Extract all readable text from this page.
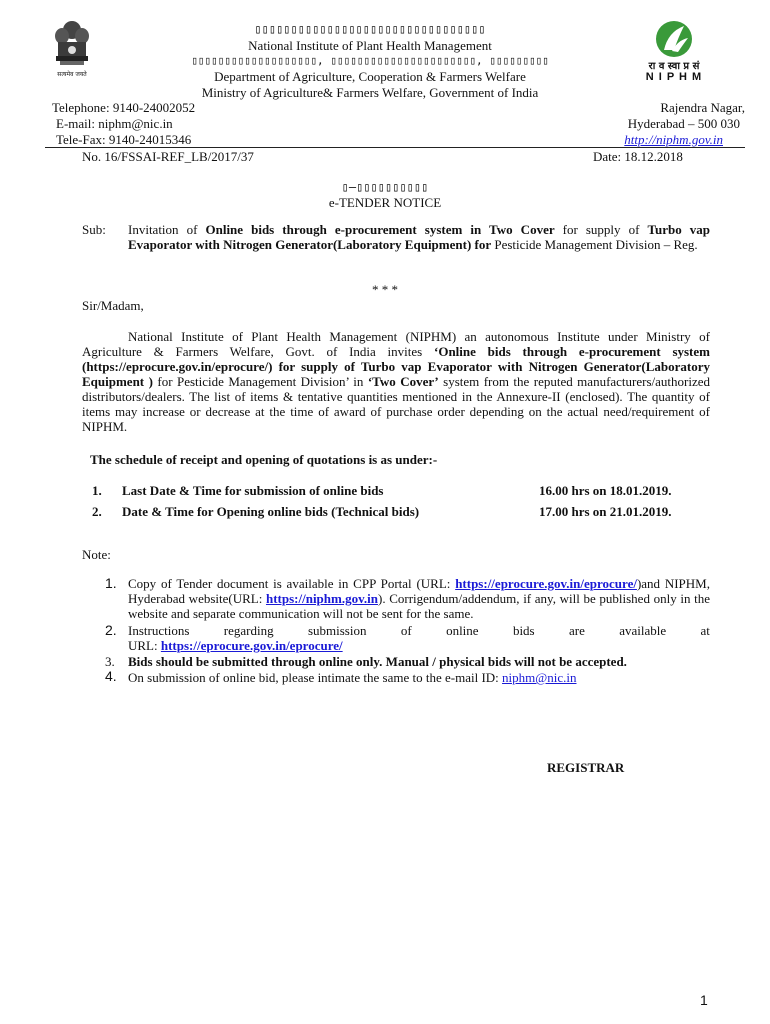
सत्यमेव जयते
रा व स्वा प्र सं
N I P H M
▯▯▯▯▯▯▯▯▯▯▯▯▯▯▯▯▯▯▯▯▯▯▯▯▯▯▯▯▯▯▯▯
National Institute of Plant Health Management
▯▯▯▯▯▯▯▯▯▯▯▯▯▯▯▯▯▯▯, ▯▯▯▯▯▯▯▯▯▯▯▯▯▯▯▯▯▯▯▯▯▯, ▯▯▯▯▯▯▯▯▯
Department of Agriculture, Cooperation & Farmers Welfare
Ministry of Agriculture& Farmers Welfare, Government of India
Telephone: 9140-24002052
E-mail: niphm@nic.in
Tele-Fax: 9140-24015346
Rajendra Nagar,
Hyderabad – 500 030
http://niphm.gov.in
No. 16/FSSAI-REF_LB/2017/37	Date: 18.12.2018
▯–▯▯▯▯▯▯▯▯▯▯
e-TENDER NOTICE
Sub: Invitation of Online bids through e-procurement system in Two Cover for supply of Turbo vap Evaporator with Nitrogen Generator(Laboratory Equipment) for Pesticide Management Division – Reg.
* * *
Sir/Madam,
National Institute of Plant Health Management (NIPHM) an autonomous Institute under Ministry of Agriculture & Farmers Welfare, Govt. of India invites ‘Online bids through e-procurement system (https://eprocure.gov.in/eprocure/) for supply of Turbo vap Evaporator with Nitrogen Generator(Laboratory Equipment ) for Pesticide Management Division’ in ‘Two Cover’ system from the reputed manufacturers/authorized distributors/dealers. The list of items & tentative quantities mentioned in the Annexure-II (enclosed). The quantity of items may increase or decrease at the time of award of purchase order depending on the actual need/requirement of NIPHM.
The schedule of receipt and opening of quotations is as under:-
1. Last Date & Time for submission of online bids	16.00 hrs on 18.01.2019.
2. Date & Time for Opening online bids (Technical bids)	17.00 hrs on 21.01.2019.
Note:
1. Copy of Tender document is available in CPP Portal (URL: https://eprocure.gov.in/eprocure/)and NIPHM, Hyderabad website(URL: https://niphm.gov.in). Corrigendum/addendum, if any, will be published only in the website and separate communication will not be sent for the same.
2. Instructions	regarding	submission	of	online	bids	are	available	at
URL: https://eprocure.gov.in/eprocure/
3. Bids should be submitted through online only. Manual / physical bids will not be accepted.
4. On submission of online bid, please intimate the same to the e-mail ID: niphm@nic.in
REGISTRAR
1
